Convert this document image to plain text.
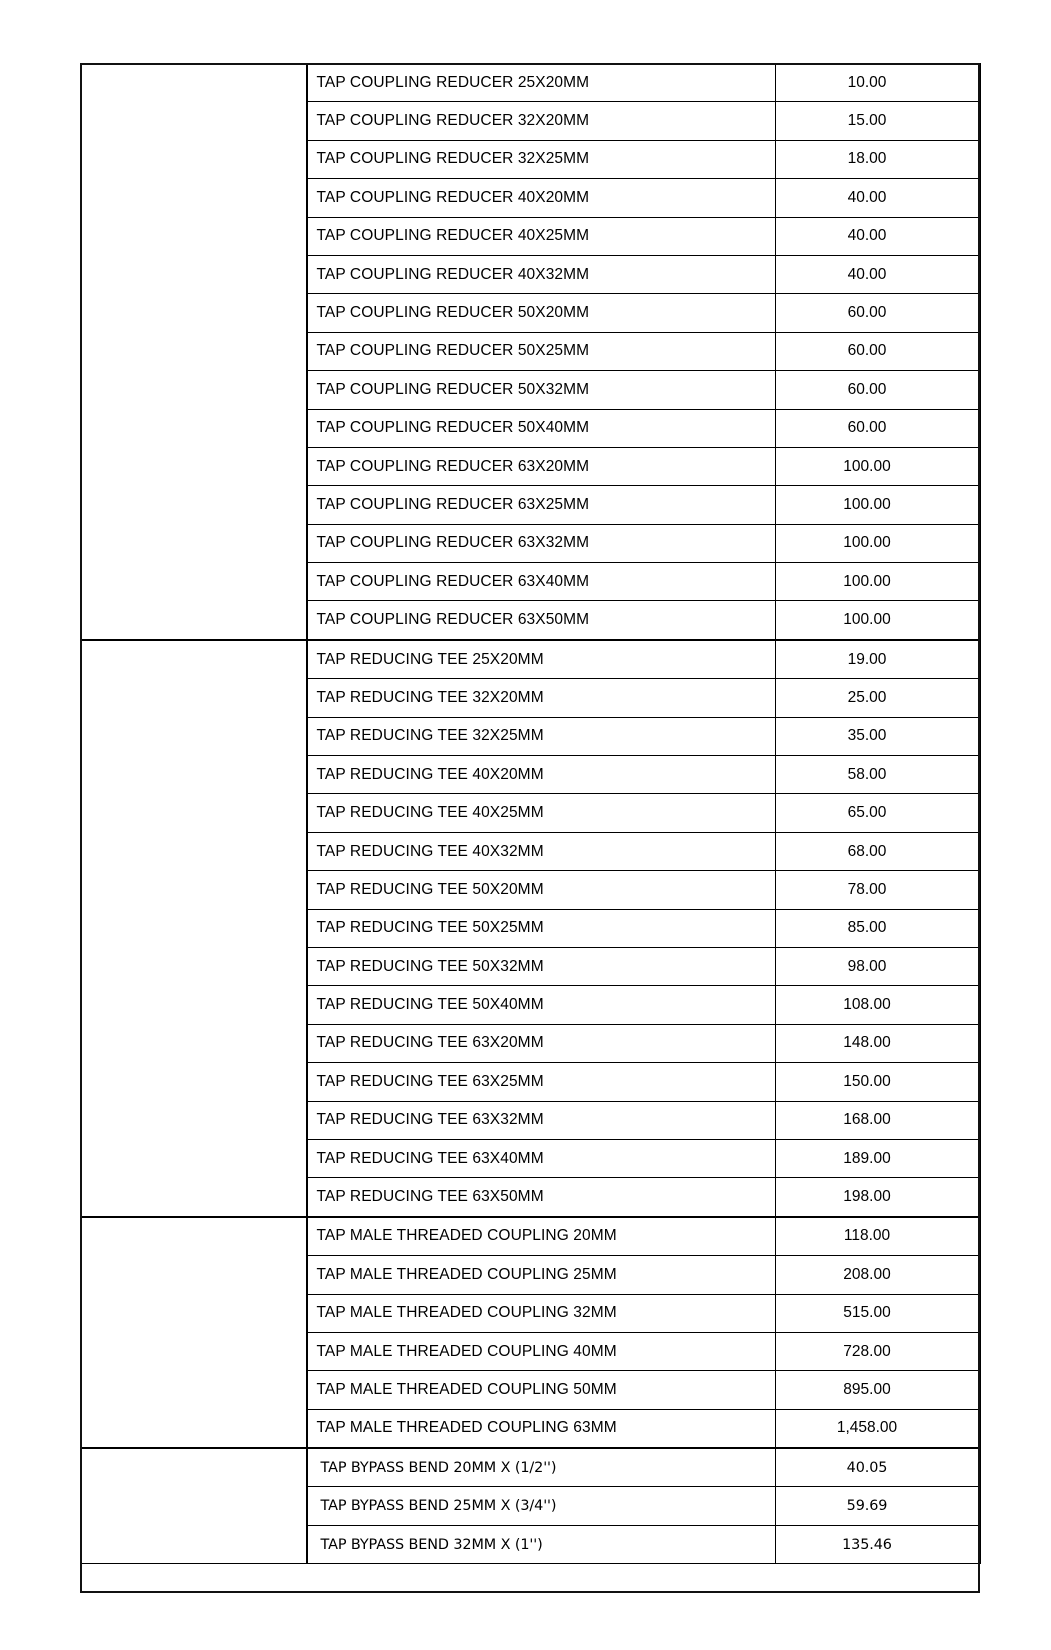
	TAP COUPLING REDUCER 25X20MM	10.00
	TAP COUPLING REDUCER 32X20MM	15.00
	TAP COUPLING REDUCER 32X25MM	18.00
	TAP COUPLING REDUCER 40X20MM	40.00
	TAP COUPLING REDUCER 40X25MM	40.00
	TAP COUPLING REDUCER 40X32MM	40.00
	TAP COUPLING REDUCER 50X20MM	60.00
	TAP COUPLING REDUCER 50X25MM	60.00
	TAP COUPLING REDUCER 50X32MM	60.00
	TAP COUPLING REDUCER 50X40MM	60.00
	TAP COUPLING REDUCER 63X20MM	100.00
	TAP COUPLING REDUCER 63X25MM	100.00
	TAP COUPLING REDUCER 63X32MM	100.00
	TAP COUPLING REDUCER 63X40MM	100.00
	TAP COUPLING REDUCER 63X50MM	100.00

	TAP REDUCING TEE 25X20MM	19.00
	TAP REDUCING TEE 32X20MM	25.00
	TAP REDUCING TEE 32X25MM	35.00
	TAP REDUCING TEE 40X20MM	58.00
	TAP REDUCING TEE 40X25MM	65.00
	TAP REDUCING TEE 40X32MM	68.00
	TAP REDUCING TEE 50X20MM	78.00
	TAP REDUCING TEE 50X25MM	85.00
	TAP REDUCING TEE 50X32MM	98.00
	TAP REDUCING TEE 50X40MM	108.00
	TAP REDUCING TEE 63X20MM	148.00
	TAP REDUCING TEE 63X25MM	150.00
	TAP REDUCING TEE 63X32MM	168.00
	TAP REDUCING TEE 63X40MM	189.00
	TAP REDUCING TEE 63X50MM	198.00

	TAP MALE THREADED COUPLING 20MM	118.00
	TAP MALE THREADED COUPLING 25MM	208.00
	TAP MALE THREADED COUPLING 32MM	515.00
	TAP MALE THREADED COUPLING 40MM	728.00
	TAP MALE THREADED COUPLING 50MM	895.00
	TAP MALE THREADED COUPLING 63MM	1,458.00

	TAP BYPASS BEND 20MM X (1/2'')	40.05
	TAP BYPASS BEND 25MM X (3/4'')	59.69
	TAP BYPASS BEND 32MM X (1'')	135.46
